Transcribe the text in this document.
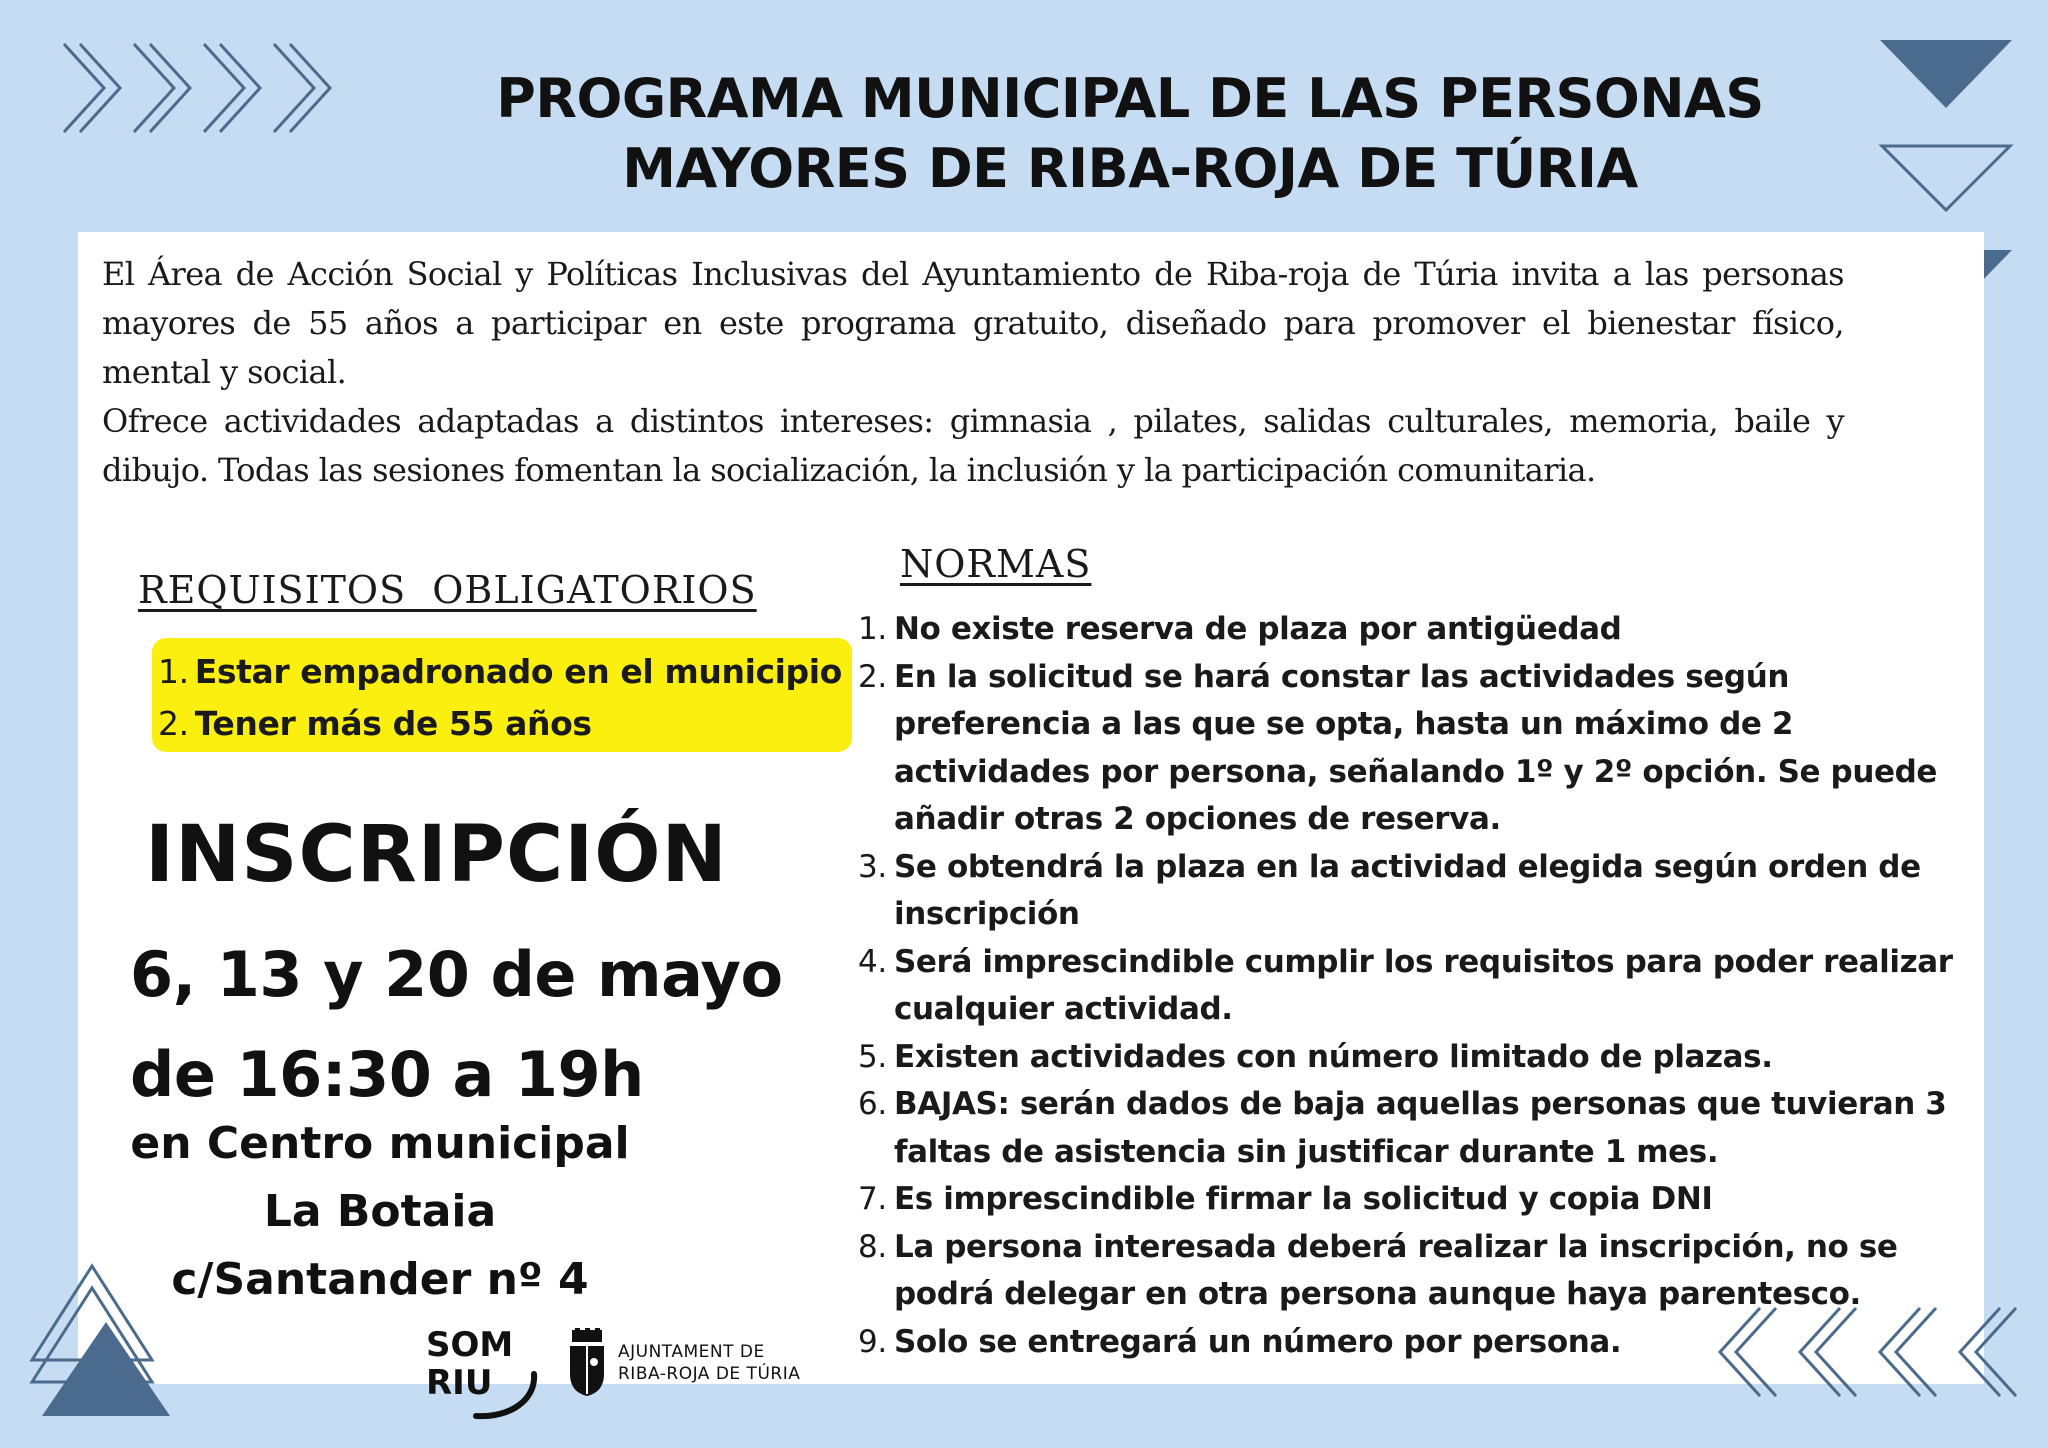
PROGRAMA MUNICIPAL DE LAS PERSONAS
MAYORES DE RIBA-ROJA DE TÚRIA

El Área de Acción Social y Políticas Inclusivas del Ayuntamiento de Riba-roja de Túria invita a las personas mayores de 55 años a participar en este programa gratuito, diseñado para promover el bienestar físico, mental y social.

Ofrece actividades adaptadas a distintos intereses: gimnasia , pilates, salidas culturales, memoria, baile y dibujo. Todas las sesiones fomentan la socialización, la inclusión y la participación comunitaria.

REQUISITOS  OBLIGATORIOS
1. Estar empadronado en el municipio
2. Tener más de 55 años
INSCRIPCIÓN
6, 13 y 20 de mayo
de 16:30 a 19h
en Centro municipal
La Botaia
c/Santander nº 4
NORMAS
1. No existe reserva de plaza por antigüedad
2. En la solicitud se hará constar las actividades según preferencia a las que se opta, hasta un máximo de 2 actividades por persona, señalando 1º y 2º opción. Se puede añadir otras 2 opciones de reserva.
3. Se obtendrá la plaza en la actividad elegida según orden de inscripción
4. Será imprescindible cumplir los requisitos para poder realizar cualquier actividad.
5. Existen actividades con número limitado de plazas.
6. BAJAS: serán dados de baja aquellas personas que tuvieran 3 faltas de asistencia sin justificar durante 1 mes.
7. Es imprescindible firmar la solicitud y copia DNI
8. La persona interesada deberá realizar la inscripción, no se podrá delegar en otra persona aunque haya parentesco.
9. Solo se entregará un número por persona.
SOM
RIU
AJUNTAMENT DE
RIBA-ROJA DE TÚRIA
